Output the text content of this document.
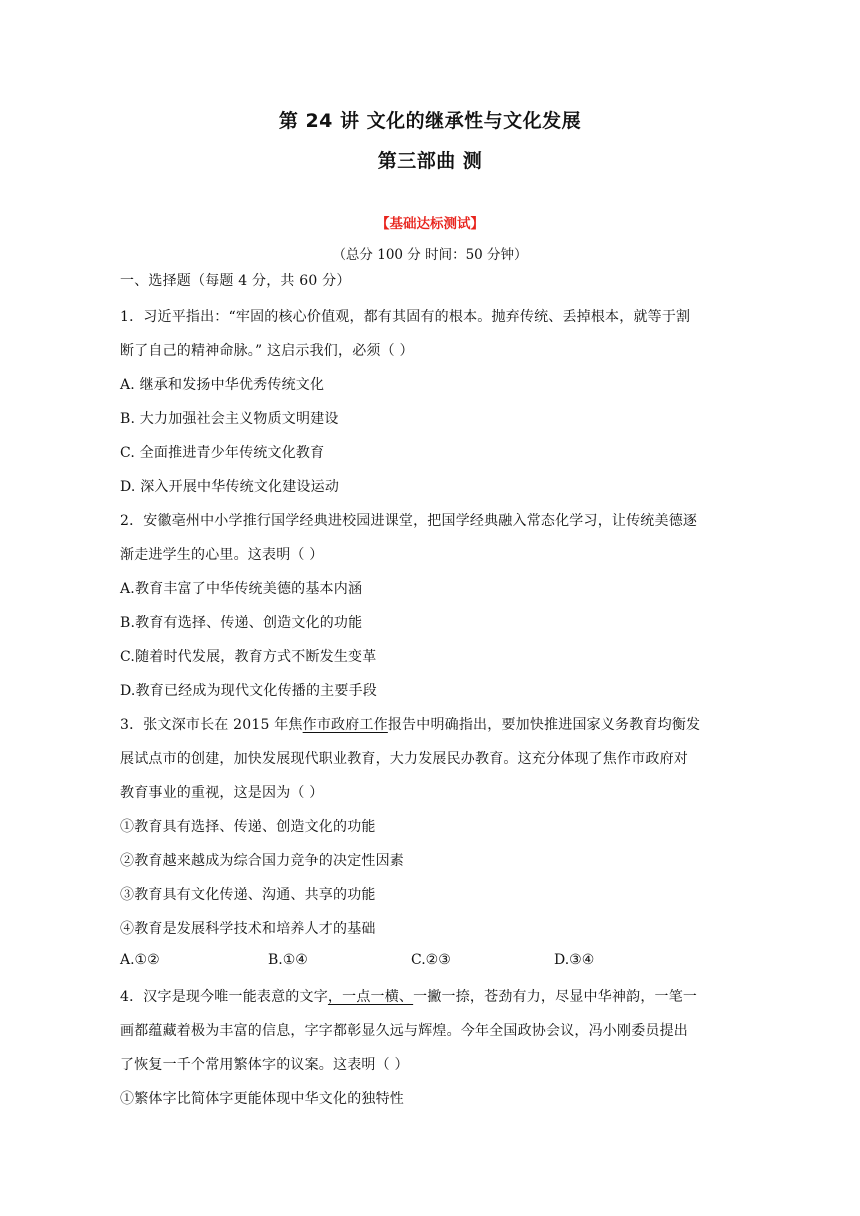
第 24 讲 文化的继承性与文化发展
第三部曲 测
【基础达标测试】
（总分 100 分 时间：50 分钟）
一、选择题（每题 4 分，共 60 分）
1．习近平指出：“牢固的核心价值观，都有其固有的根本。抛弃传统、丢掉根本，就等于割
断了自己的精神命脉。” 这启示我们，必须（ ）
A. 继承和发扬中华优秀传统文化
B. 大力加强社会主义物质文明建设
C. 全面推进青少年传统文化教育
D. 深入开展中华传统文化建设运动
2．安徽亳州中小学推行国学经典进校园进课堂，把国学经典融入常态化学习，让传统美德逐
渐走进学生的心里。这表明（ ）
A.教育丰富了中华传统美德的基本内涵
B.教育有选择、传递、创造文化的功能
C.随着时代发展，教育方式不断发生变革
D.教育已经成为现代文化传播的主要手段
3．张文深市长在 2015 年焦作市政府工作报告中明确指出，要加快推进国家义务教育均衡发
展试点市的创建，加快发展现代职业教育，大力发展民办教育。这充分体现了焦作市政府对
教育事业的重视，这是因为（ ）
①教育具有选择、传递、创造文化的功能
②教育越来越成为综合国力竞争的决定性因素
③教育具有文化传递、沟通、共享的功能
④教育是发展科学技术和培养人才的基础
A.①②	B.①④	C.②③	D.③④
4．汉字是现今唯一能表意的文字，一点一横、一撇一捺，苍劲有力，尽显中华神韵，一笔一
画都蕴藏着极为丰富的信息，字字都彰显久远与辉煌。今年全国政协会议，冯小刚委员提出
了恢复一千个常用繁体字的议案。这表明（ ）
①繁体字比简体字更能体现中华文化的独特性
